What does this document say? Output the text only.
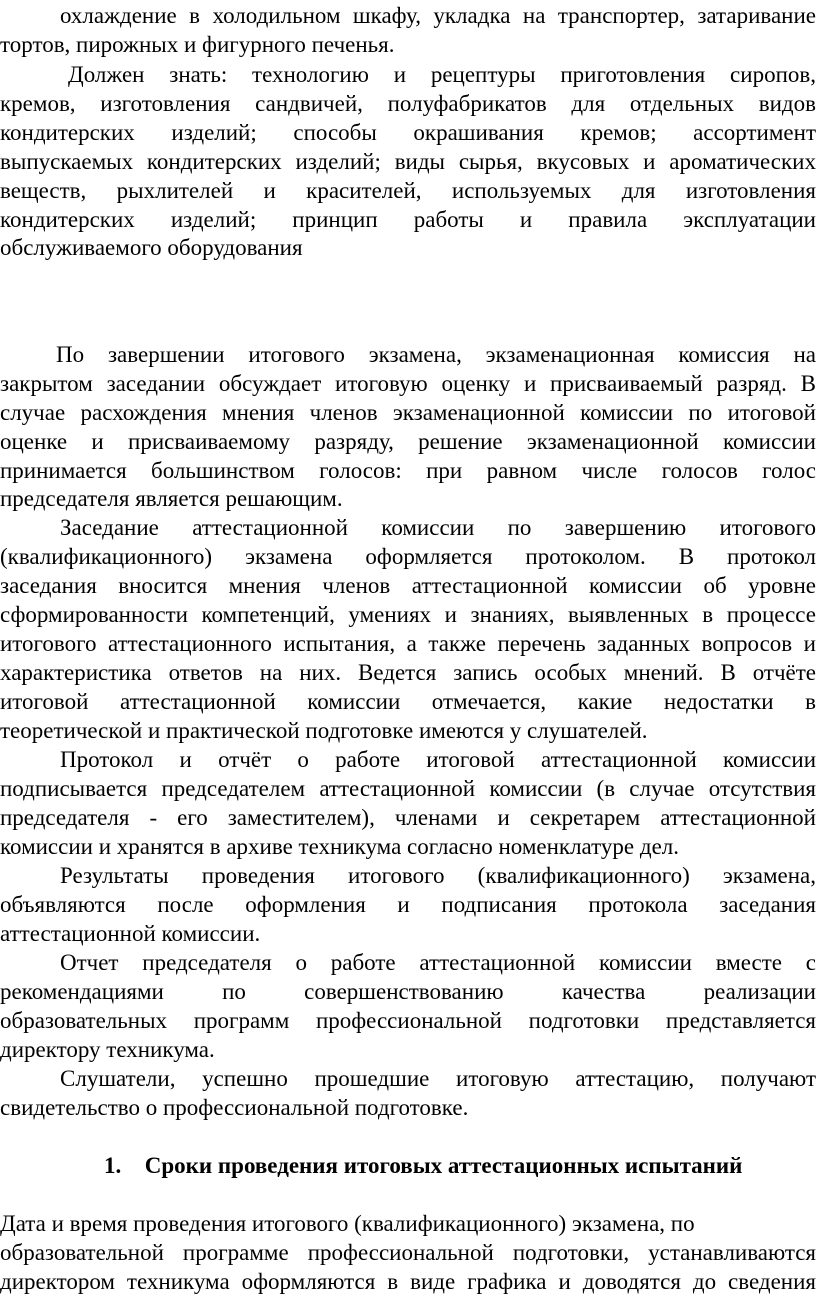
охлаждение в холодильном шкафу, укладка на транспортер, затаривание
тортов, пирожных и фигурного печенья.
Должен знать: технологию и рецептуры приготовления сиропов,
кремов, изготовления сандвичей, полуфабрикатов для отдельных видов
кондитерских изделий; способы окрашивания кремов; ассортимент
выпускаемых кондитерских изделий; виды сырья, вкусовых и ароматических
веществ, рыхлителей и красителей, используемых для изготовления
кондитерских изделий; принцип работы и правила эксплуатации
обслуживаемого оборудования
По завершении итогового экзамена, экзаменационная комиссия на
закрытом заседании обсуждает итоговую оценку и присваиваемый разряд. В
случае расхождения мнения членов экзаменационной комиссии по итоговой
оценке и присваиваемому разряду, решение экзаменационной комиссии
принимается большинством голосов: при равном числе голосов голос
председателя является решающим.
Заседание аттестационной комиссии по завершению итогового
(квалификационного) экзамена оформляется протоколом. В протокол
заседания вносится мнения членов аттестационной комиссии об уровне
сформированности компетенций, умениях и знаниях, выявленных в процессе
итогового аттестационного испытания, а также перечень заданных вопросов и
характеристика ответов на них. Ведется запись особых мнений. В отчёте
итоговой аттестационной комиссии отмечается, какие недостатки в
теоретической и практической подготовке имеются у слушателей.
Протокол и отчёт о работе итоговой аттестационной комиссии
подписывается председателем аттестационной комиссии (в случае отсутствия
председателя - его заместителем), членами и секретарем аттестационной
комиссии и хранятся в архиве техникума согласно номенклатуре дел.
Результаты проведения итогового (квалификационного) экзамена,
объявляются после оформления и подписания протокола заседания
аттестационной комиссии.
Отчет председателя о работе аттестационной комиссии вместе с
рекомендациями по совершенствованию качества реализации
образовательных программ профессиональной подготовки представляется
директору техникума.
Слушатели, успешно прошедшие итоговую аттестацию, получают
свидетельство о профессиональной подготовке.
1. Сроки проведения итоговых аттестационных испытаний
Дата и время проведения итогового (квалификационного) экзамена, по
образовательной программе профессиональной подготовки, устанавливаются
директором техникума оформляются в виде графика и доводятся до сведения
